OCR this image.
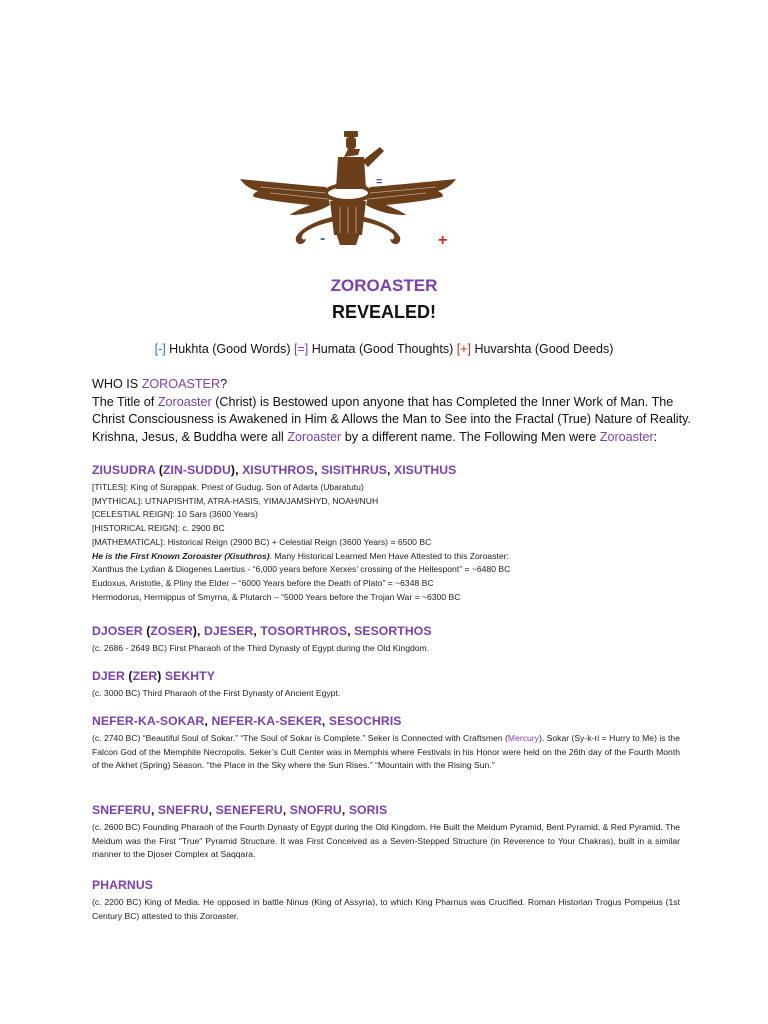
=
-	+
ZOROASTER
REVEALED!
[-] Hukhta (Good Words) [=] Humata (Good Thoughts) [+] Huvarshta (Good Deeds)

WHO IS ZOROASTER?

The Title of Zoroaster (Christ) is Bestowed upon anyone that has Completed the Inner Work of Man. The Christ Consciousness is Awakened in Him & Allows the Man to See into the Fractal (True) Nature of Reality. Krishna, Jesus, & Buddha were all Zoroaster by a different name. The Following Men were Zoroaster:

ZIUSUDRA (ZIN-SUDDU), XISUTHROS, SISITHRUS, XISUTHUS

[TITLES]: King of Surappak. Priest of Gudug. Son of Adarta (Ubaratutu)
[MYTHICAL]: UTNAPISHTIM, ATRA-HASIS, YIMA/JAMSHYD, NOAH/NUH
[CELESTIAL REIGN]: 10 Sars (3600 Years)
[HISTORICAL REIGN]: c. 2900 BC
[MATHEMATICAL]: Historical Reign (2900 BC) + Celestial Reign (3600 Years) = 6500 BC
He is the First Known Zoroaster (Xisuthros). Many Historical Learned Men Have Attested to this Zoroaster:
Xanthus the Lydian & Diogenes Laertius - “6,000 years before Xerxes’ crossing of the Hellespont” = ~6480 BC
Eudoxus, Aristotle, & Pliny the Elder – “6000 Years before the Death of Plato” = ~6348 BC
Hermodorus, Hermippus of Smyrna, & Plutarch – “5000 Years before the Trojan War = ~6300 BC

DJOSER (ZOSER), DJESER, TOSORTHROS, SESORTHOS

(c. 2686 - 2649 BC) First Pharaoh of the Third Dynasty of Egypt during the Old Kingdom.

DJER (ZER) SEKHTY

(c. 3000 BC) Third Pharaoh of the First Dynasty of Ancient Egypt.

NEFER-KA-SOKAR, NEFER-KA-SEKER, SESOCHRIS

(c. 2740 BC) “Beautiful Soul of Sokar.” “The Soul of Sokar is Complete.” Seker is Connected with Craftsmen (Mercury). Sokar (Sy-k-ri = Hurry to Me) is the Falcon God of the Memphite Necropolis. Seker’s Cult Center was in Memphis where Festivals in his Honor were held on the 26th day of the Fourth Month of the Akhet (Spring) Season. "the Place in the Sky where the Sun Rises." “Mountain with the Rising Sun."

SNEFERU, SNEFRU, SENEFERU, SNOFRU, SORIS

(c. 2600 BC) Founding Pharaoh of the Fourth Dynasty of Egypt during the Old Kingdom. He Built the Meidum Pyramid, Bent Pyramid, & Red Pyramid. The Meidum was the First "True" Pyramid Structure. It was First Conceived as a Seven-Stepped Structure (in Reverence to Your Chakras), built in a similar manner to the Djoser Complex at Saqqara.

PHARNUS

(c. 2200 BC) King of Media. He opposed in battle Ninus (King of Assyria), to which King Pharnus was Crucified. Roman Historian Trogus Pompeius (1st Century BC) attested to this Zoroaster.
